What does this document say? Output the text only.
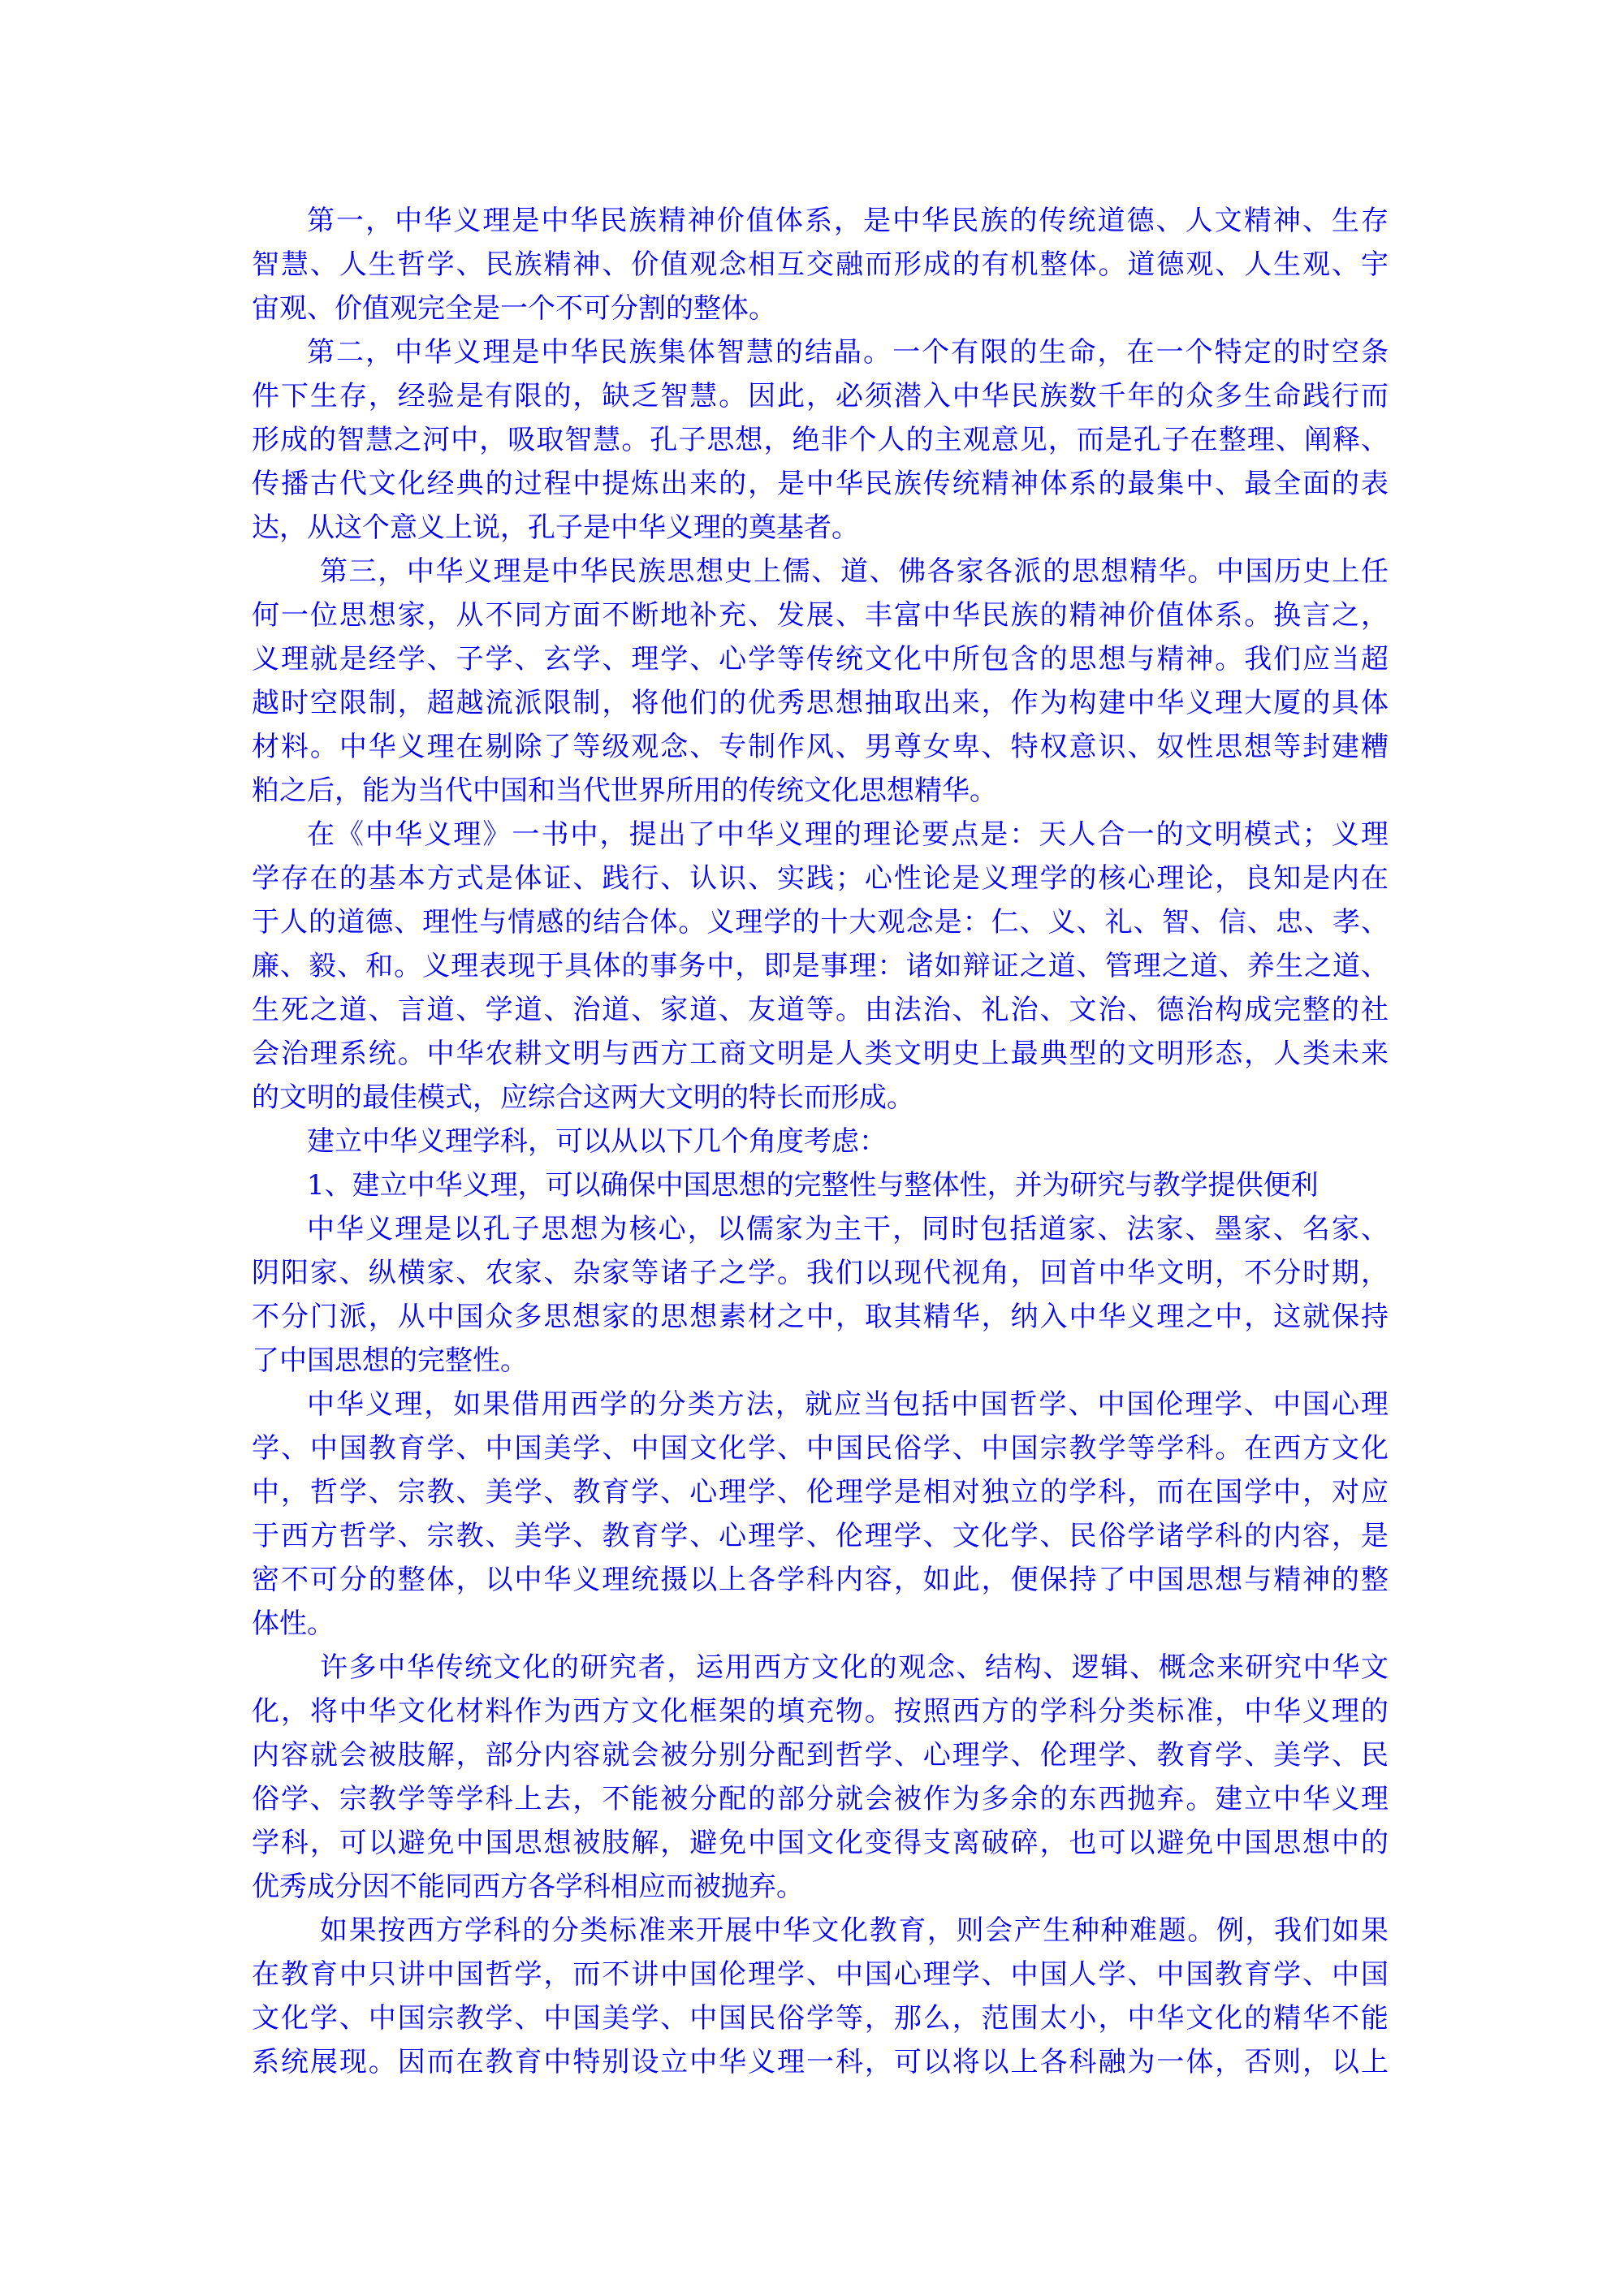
第一，中华义理是中华民族精神价值体系，是中华民族的传统道德、人文精神、生存
智慧、人生哲学、民族精神、价值观念相互交融而形成的有机整体。道德观、人生观、宇
宙观、价值观完全是一个不可分割的整体。
第二，中华义理是中华民族集体智慧的结晶。一个有限的生命，在一个特定的时空条
件下生存，经验是有限的，缺乏智慧。因此，必须潜入中华民族数千年的众多生命践行而
形成的智慧之河中，吸取智慧。孔子思想，绝非个人的主观意见，而是孔子在整理、阐释、
传播古代文化经典的过程中提炼出来的，是中华民族传统精神体系的最集中、最全面的表
达，从这个意义上说，孔子是中华义理的奠基者。
第三，中华义理是中华民族思想史上儒、道、佛各家各派的思想精华。中国历史上任
何一位思想家，从不同方面不断地补充、发展、丰富中华民族的精神价值体系。换言之，
义理就是经学、子学、玄学、理学、心学等传统文化中所包含的思想与精神。我们应当超
越时空限制，超越流派限制，将他们的优秀思想抽取出来，作为构建中华义理大厦的具体
材料。中华义理在剔除了等级观念、专制作风、男尊女卑、特权意识、奴性思想等封建糟
粕之后，能为当代中国和当代世界所用的传统文化思想精华。
在《中华义理》一书中，提出了中华义理的理论要点是：天人合一的文明模式；义理
学存在的基本方式是体证、践行、认识、实践；心性论是义理学的核心理论，良知是内在
于人的道德、理性与情感的结合体。义理学的十大观念是：仁、义、礼、智、信、忠、孝、
廉、毅、和。义理表现于具体的事务中，即是事理：诸如辩证之道、管理之道、养生之道、
生死之道、言道、学道、治道、家道、友道等。由法治、礼治、文治、德治构成完整的社
会治理系统。中华农耕文明与西方工商文明是人类文明史上最典型的文明形态，人类未来
的文明的最佳模式，应综合这两大文明的特长而形成。
建立中华义理学科，可以从以下几个角度考虑：
1、建立中华义理，可以确保中国思想的完整性与整体性，并为研究与教学提供便利
中华义理是以孔子思想为核心，以儒家为主干，同时包括道家、法家、墨家、名家、
阴阳家、纵横家、农家、杂家等诸子之学。我们以现代视角，回首中华文明，不分时期，
不分门派，从中国众多思想家的思想素材之中，取其精华，纳入中华义理之中，这就保持
了中国思想的完整性。
中华义理，如果借用西学的分类方法，就应当包括中国哲学、中国伦理学、中国心理
学、中国教育学、中国美学、中国文化学、中国民俗学、中国宗教学等学科。在西方文化
中，哲学、宗教、美学、教育学、心理学、伦理学是相对独立的学科，而在国学中，对应
于西方哲学、宗教、美学、教育学、心理学、伦理学、文化学、民俗学诸学科的内容，是
密不可分的整体，以中华义理统摄以上各学科内容，如此，便保持了中国思想与精神的整
体性。
许多中华传统文化的研究者，运用西方文化的观念、结构、逻辑、概念来研究中华文
化，将中华文化材料作为西方文化框架的填充物。按照西方的学科分类标准，中华义理的
内容就会被肢解，部分内容就会被分别分配到哲学、心理学、伦理学、教育学、美学、民
俗学、宗教学等学科上去，不能被分配的部分就会被作为多余的东西抛弃。建立中华义理
学科，可以避免中国思想被肢解，避免中国文化变得支离破碎，也可以避免中国思想中的
优秀成分因不能同西方各学科相应而被抛弃。
如果按西方学科的分类标准来开展中华文化教育，则会产生种种难题。例，我们如果
在教育中只讲中国哲学，而不讲中国伦理学、中国心理学、中国人学、中国教育学、中国
文化学、中国宗教学、中国美学、中国民俗学等，那么，范围太小，中华文化的精华不能
系统展现。因而在教育中特别设立中华义理一科，可以将以上各科融为一体，否则，以上
